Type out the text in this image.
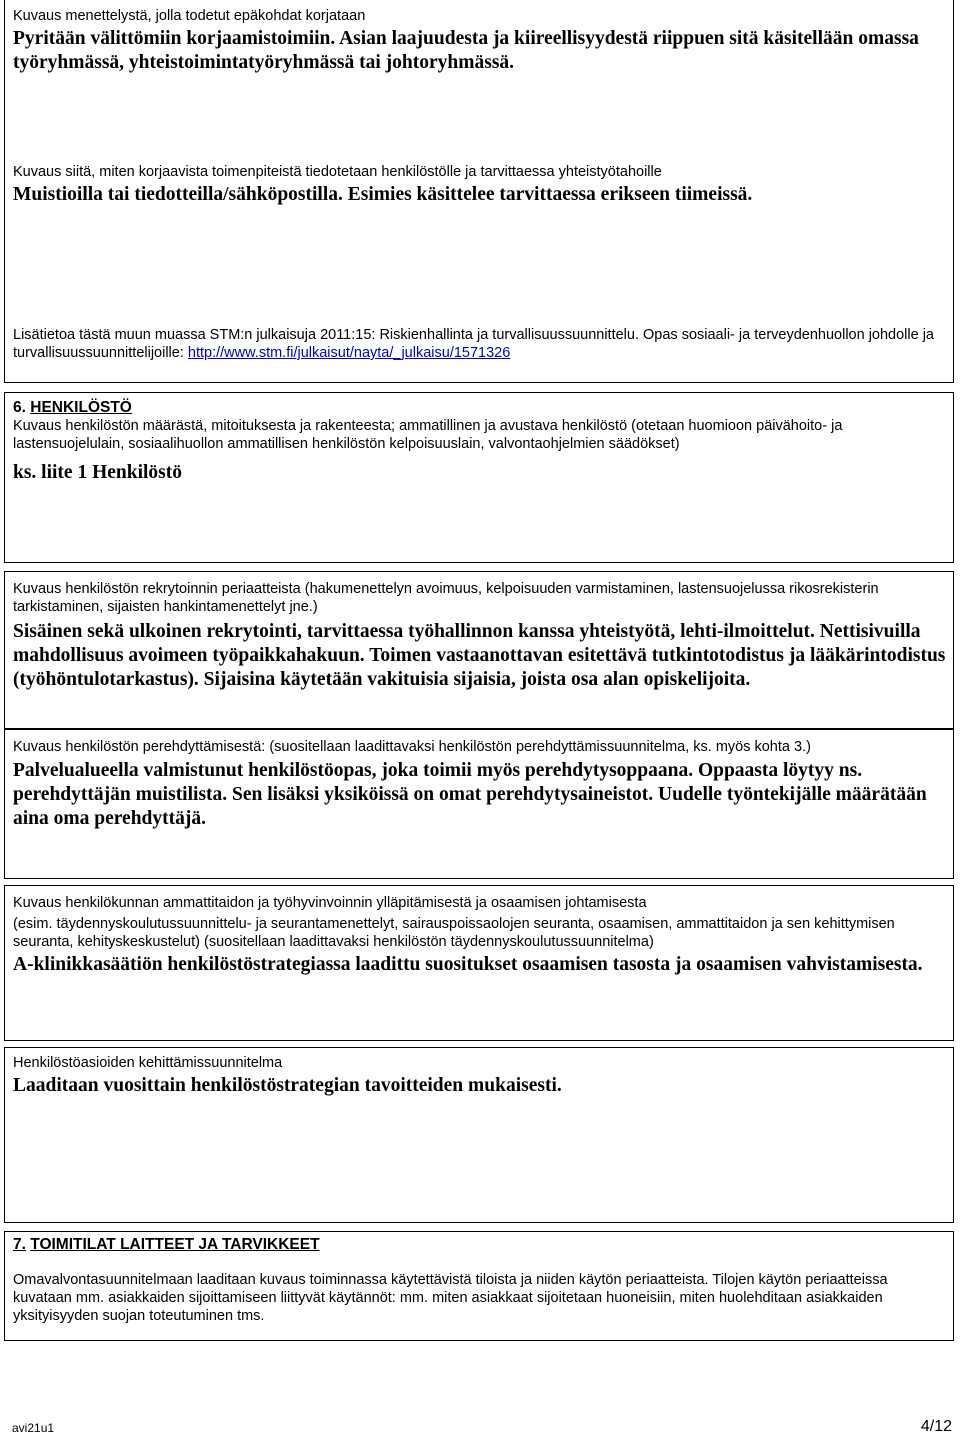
Kuvaus menettelystä, jolla todetut epäkohdat korjataan

Pyritään välittömiin korjaamistoimiin. Asian laajuudesta ja kiireellisyydestä riippuen sitä käsitellään omassa työryhmässä, yhteistoimintatyöryhmässä tai johtoryhmässä.

Kuvaus siitä, miten korjaavista toimenpiteistä tiedotetaan henkilöstölle ja tarvittaessa yhteistyötahoille

Muistioilla tai tiedotteilla/sähköpostilla. Esimies käsittelee tarvittaessa erikseen tiimeissä.

Lisätietoa tästä muun muassa STM:n julkaisuja 2011:15: Riskienhallinta ja turvallisuussuunnittelu. Opas sosiaali- ja terveydenhuollon johdolle ja turvallisuussuunnittelijoille: http://www.stm.fi/julkaisut/nayta/_julkaisu/1571326

6. HENKILÖSTÖ

Kuvaus henkilöstön määrästä, mitoituksesta ja rakenteesta; ammatillinen ja avustava henkilöstö (otetaan huomioon päivähoito- ja lastensuojelulain, sosiaalihuollon ammatillisen henkilöstön kelpoisuuslain, valvontaohjelmien säädökset)

ks. liite 1 Henkilöstö

Kuvaus henkilöstön rekrytoinnin periaatteista (hakumenettelyn avoimuus, kelpoisuuden varmistaminen, lastensuojelussa rikosrekisterin tarkistaminen, sijaisten hankintamenettelyt jne.)

Sisäinen sekä ulkoinen rekrytointi, tarvittaessa työhallinnon kanssa yhteistyötä, lehti-ilmoittelut. Nettisivuilla mahdollisuus avoimeen työpaikkahakuun. Toimen vastaanottavan esitettävä tutkintotodistus ja lääkärintodistus (työhöntulotarkastus). Sijaisina käytetään vakituisia sijaisia, joista osa alan opiskelijoita.

Kuvaus henkilöstön perehdyttämisestä: (suositellaan laadittavaksi henkilöstön perehdyttämissuunnitelma, ks. myös kohta 3.)

Palvelualueella valmistunut henkilöstöopas, joka toimii myös perehdytysoppaana. Oppaasta löytyy ns. perehdyttäjän muistilista. Sen lisäksi yksiköissä on omat perehdytysaineistot. Uudelle työntekijälle määrätään aina oma perehdyttäjä.

Kuvaus henkilökunnan ammattitaidon ja työhyvinvoinnin ylläpitämisestä ja osaamisen johtamisesta

(esim. täydennyskoulutussuunnittelu- ja seurantamenettelyt, sairauspoissaolojen seuranta, osaamisen, ammattitaidon ja sen kehittymisen seuranta, kehityskeskustelut) (suositellaan laadittavaksi henkilöstön täydennyskoulutussuunnitelma)

A-klinikkasäätiön henkilöstöstrategiassa laadittu suositukset osaamisen tasosta ja osaamisen vahvistamisesta.

Henkilöstöasioiden kehittämissuunnitelma

Laaditaan vuosittain henkilöstöstrategian tavoitteiden mukaisesti.

7. TOIMITILAT LAITTEET JA TARVIKKEET

Omavalvontasuunnitelmaan laaditaan kuvaus toiminnassa käytettävistä tiloista ja niiden käytön periaatteista. Tilojen käytön periaatteissa kuvataan mm. asiakkaiden sijoittamiseen liittyvät käytännöt: mm. miten asiakkaat sijoitetaan huoneisiin, miten huolehditaan asiakkaiden yksityisyyden suojan toteutuminen tms.

avi21u1	4/12
